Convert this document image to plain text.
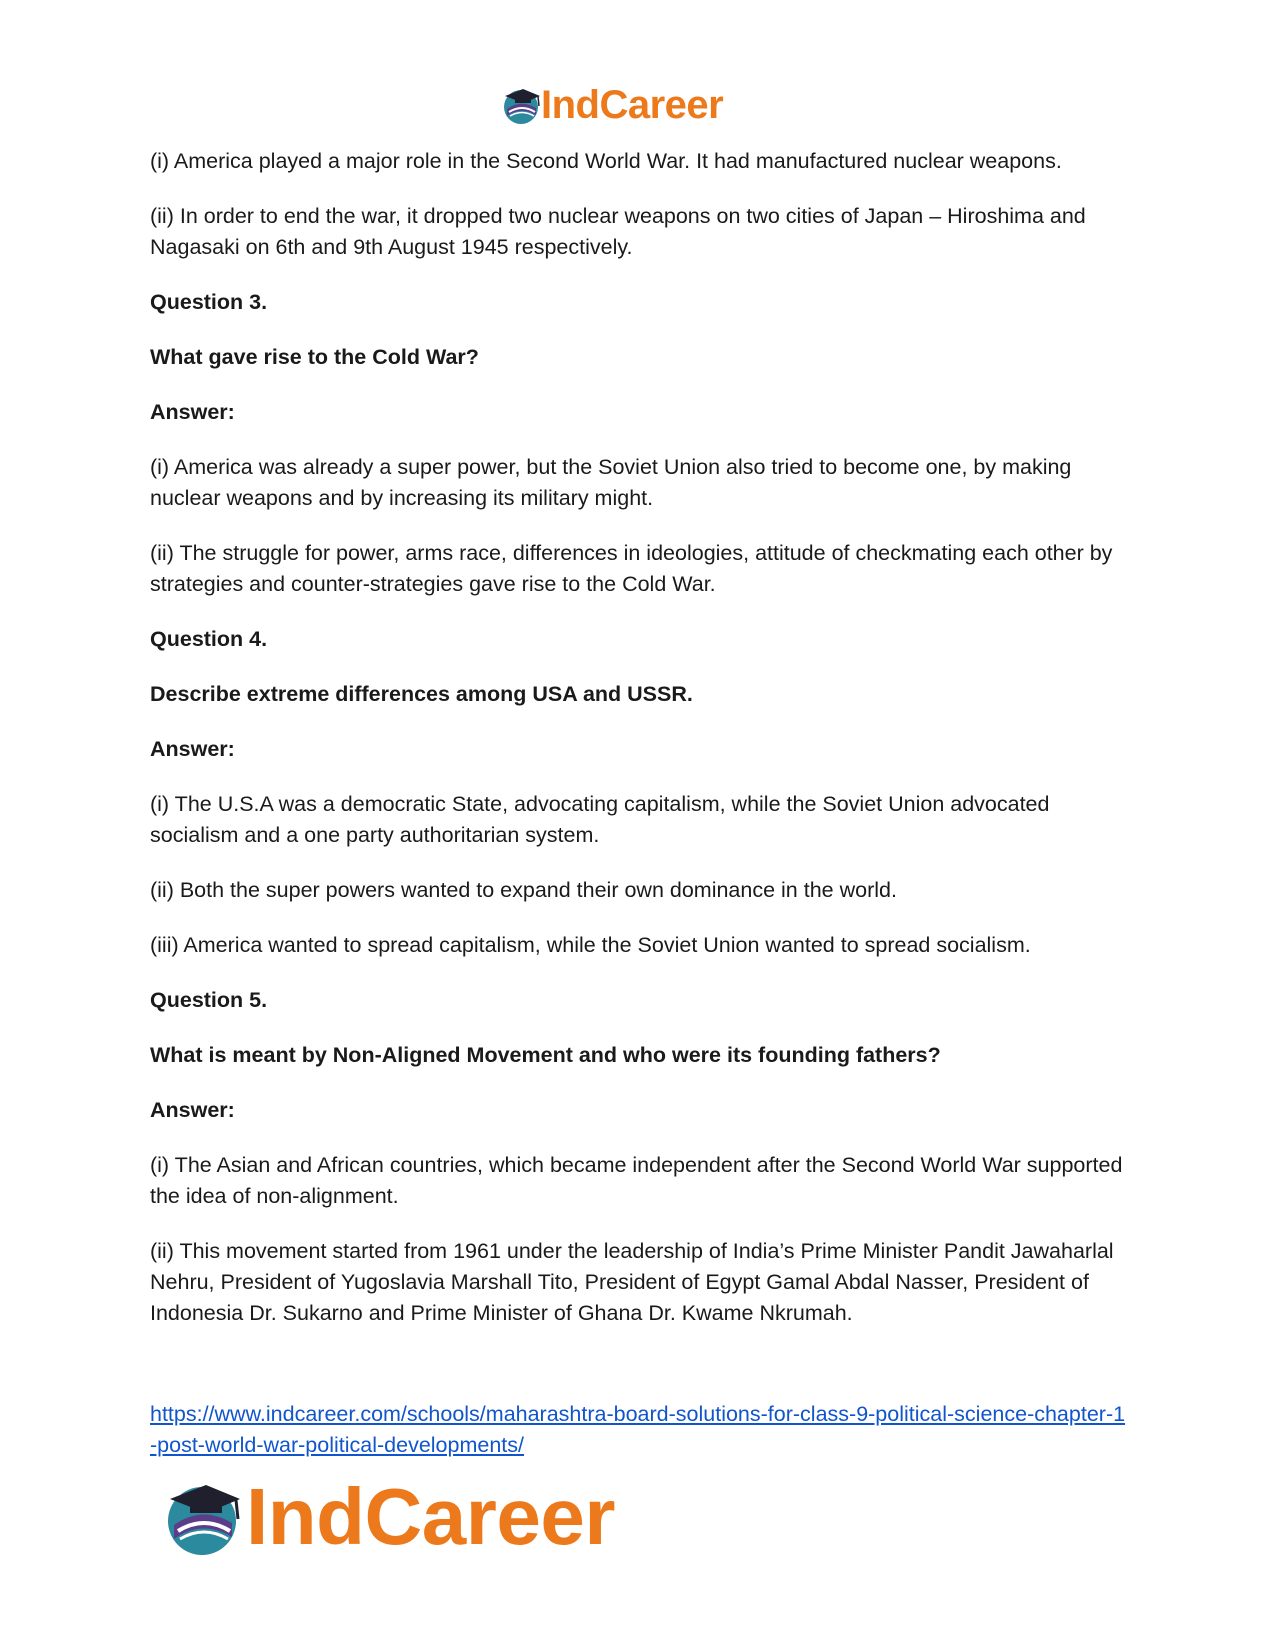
IndCareer

(i) America played a major role in the Second World War. It had manufactured nuclear weapons.

(ii) In order to end the war, it dropped two nuclear weapons on two cities of Japan – Hiroshima and Nagasaki on 6th and 9th August 1945 respectively.

Question 3.

What gave rise to the Cold War?

Answer:

(i) America was already a super power, but the Soviet Union also tried to become one, by making nuclear weapons and by increasing its military might.

(ii) The struggle for power, arms race, differences in ideologies, attitude of checkmating each other by strategies and counter-strategies gave rise to the Cold War.

Question 4.

Describe extreme differences among USA and USSR.

Answer:

(i) The U.S.A was a democratic State, advocating capitalism, while the Soviet Union advocated socialism and a one party authoritarian system.

(ii) Both the super powers wanted to expand their own dominance in the world.

(iii) America wanted to spread capitalism, while the Soviet Union wanted to spread socialism.

Question 5.

What is meant by Non-Aligned Movement and who were its founding fathers?

Answer:

(i) The Asian and African countries, which became independent after the Second World War supported the idea of non-alignment.

(ii) This movement started from 1961 under the leadership of India’s Prime Minister Pandit Jawaharlal Nehru, President of Yugoslavia Marshall Tito, President of Egypt Gamal Abdal Nasser, President of Indonesia Dr. Sukarno and Prime Minister of Ghana Dr. Kwame Nkrumah.

https://www.indcareer.com/schools/maharashtra-board-solutions-for-class-9-political-science-chapter-1-post-world-war-political-developments/
IndCareer
